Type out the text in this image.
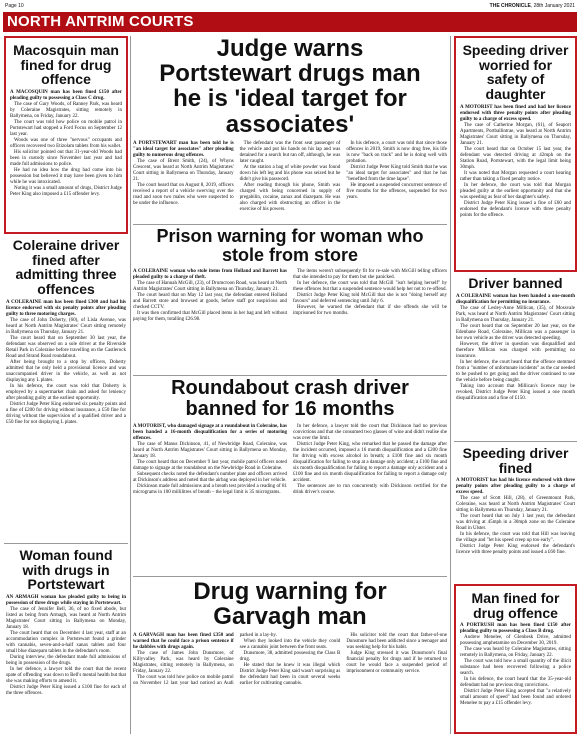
Page 10	THE CHRONICLE, 28th January 2021
NORTH ANTRIM COURTS
Macosquin man fined for drug offence
A MACOSQUIN man has been fined £150 after pleading guilty to possessing a Class C drug.

The case of Gary Woods, of Ranney Park, was heard by Coleraine Magistrates, sitting remotely in Ballymena, on Friday, January 22.

The court was told how police on mobile patrol in Portstewart had stopped a Ford Focus on September 12 last year.

Woods was one of three "nervous" occupants and officers recovered two Etizolam tablets from his wallet.

His solicitor pointed out that 31-year-old Woods had been in custody since November last year and had made full admissions to police.

He had no idea how the drug had come into his possession but believed it may have been given to him while he was intoxicated.

Noting it was a small amount of drugs, District Judge Peter King also imposed a £15 offender levy.

Coleraine driver fined after admitting three offences
A COLERAINE man has been fined £300 and had his licence endorsed with six penalty points after pleading guilty to three motoring charges.

The case of John Doherty, (60), of Lisla Avenue, was heard at North Antrim Magistrates' Court sitting remotely in Ballymena on Thursday, January 21.

The court heard that on September 30 last year, the defendant was observed on a sole driver at the Riverside Retail Park in Coleraine before travelling on the Castlerock Road and Strand Road roundabout.

After being brought to a stop by officers, Doherty admitted that he only held a provisional licence and was unaccompanied driver in the vehicle, as well as not displaying any L plates.

In his defence, the court was told that Doherty is employed by a supermarket chain and asked for leniency after pleading guilty at the earliest opportunity.

District Judge Peter King endorsed six penalty points and a fine of £200 for driving without insurance, a £50 fine for driving without the supervision of a qualified driver and a £50 fine for not displaying L plates.

Woman found with drugs in Portstewart
AN ARMAGH woman has pleaded guilty to being in possession of three drugs while staying in Portstewart.

The case of Jennifer Bell, 36, of no fixed abode, but listed as being from Armagh, was heard at North Antrim Magistrates' Court sitting in Ballymena on Monday, January 18.

The court heard that on December 4 last year, staff at an accommodation complex in Portstewart found a grinder with cannabis, seven-and-a-half xanax tablets and four small blue diazepam tablets in the defendant's room.

During interview, the defendant made full admissions of being in possession of the drugs.

In her defence, a lawyer told the court that the recent spate of offending was down to Bell's mental health but that she was making efforts to amend it.

District Judge Peter King issued a £100 fine for each of the three offences.

Judge warns Portstewart drugs man he is 'ideal target for associates'
A PORTSTEWART man has been told he is "an ideal target for associates" after pleading guilty to numerous drug offences.

The case of Brent Smith, (24), of Whyns Crescent, was heard at North Antrim Magistrates' Court sitting in Ballymena on Thursday, January 21.

The court heard that on August 8, 2019, officers received a report of a vehicle swerving over the road and soon two males who were suspected to be under the influence.

The defendant was the front seat passenger of the vehicle and put his hands on his lap and was detained for a search but ran off, although, he was later caught.

At the station a bag of white powder was found down his left leg and his phone was seized but he didn't give his password.

After reading through his phone, Smith was charged with being concerned in supply of pregabilin, cocaine, zanax and diazepam. He was also charged with obstructing an officer in the exercise of his powers.

In his defence, a court was told that since those offences in 2019, Smith is now drug free, his life is now "back on track" and he is doing well with probation.

District Judge Peter King told Smith that he was "an ideal target for associates" and that he has "benefited from the time lapse".

He imposed a suspended concurrent sentence of five months for the offences, suspended for two years.

Prison warning for woman who stole from store
A COLERAINE woman who stole items from Holland and Barrett has pleaded guilty to a charge of theft.

The case of Hannah McGill, (23), of Drumcroon Road, was heard at North Antrim Magistrates' Court sitting in Ballymena on Thursday, January 21.

The court heard that on May 12 last year, the defendant entered Holland and Barrett store and browsed at goods, before staff got suspicious and checked CCTV.

It was then confirmed that McGill placed items in her bag and left without paying for them, totalling £26.98.

The items weren't subsequently fit for re-sale with McGill telling officers that she intended to pay for them but she panicked.

In her defence, the court was told that McGill "isn't helping herself" by these offences but that a suspended sentence would help her not to re-offend.

District Judge Peter King told McGill that she is not "doing herself any favours" and deferred sentencing until July 6.

However, he warned the defendant that if she offends she will be imprisoned for two months.

Roundabout crash driver banned for 16 months
A MOTORIST, who damaged signage at a roundabout in Coleraine, has been handed a 16-month disqualification for a series of motoring offences.

The case of Manus Dickinson, 41, of Newbridge Road, Coleraine, was heard at North Antrim Magistrates' Court sitting in Ballymena on Monday, January 18.

The court heard that on December 9 last year, mobile patrol officers noted damage to signage at the roundabout on the Newbridge Road in Coleraine.

Subsequent checks noted the defendant's number plate and officers arrived at Dickinson's address and noted that the airbag was deployed in her vehicle.

Dickinson made full admissions and a breath test provided a reading of 81 micrograms in 100 millilitres of breath – the legal limit is 35 micrograms.

In her defence, a lawyer told the court that Dickinson had no previous convictions and that she consumed two glasses of wine and didn't realise she was over the limit.

District Judge Peter King, who remarked that he passed the damage after the incident occurred, imposed a 16 month disqualification and a £200 fine for driving with excess alcohol in breath; a £100 fine and six month disqualification for failing to stop at a damage only accident; a £100 fine and six month disqualification for failing to report a damage only accident and a £100 fine and six month disqualification for failing to report a damage only accident.

The sentences are to run concurrently with Dickinson certified for the drink driver's course.

Drug warning for Garvagh man
A GARVAGH man has been fined £350 and warned that he could face a prison sentence if he dabbles with drugs again.

The case of James John Dunsmore, of Killyvalley Park, was heard by Coleraine Magistrates, sitting remotely in Ballymena, on Friday, January 22.

The court was told how police on mobile patrol on November 12 last year had noticed an Audi parked in a lay-by.

When they looked into the vehicle they could see a cannabis joint between the front seats.

Dunsmore, 38, admitted possessing the Class B drug.

He stated that he knew it was illegal which District Judge Peter King said wasn't surprising as the defendant had been in court several weeks earlier for cultivating cannabis.

His solicitor told the court that father-of-one Dunsmore had been addicted since a teenager and was seeking help for his habit.

Judge King stressed it was Dunsmore's final financial penalty for drugs and if he returned to court he would face a suspended period of imprisonment or community service.

Speeding driver worried for safety of daughter
A MOTORIST has been fined and had her licence endorsed with three penalty points after pleading guilty to a charge of excess speed.

The case of Catherine Morgan, (61), of Seaport Apartments, Portballintrae, was heard at North Antrim Magistrates' Court sitting in Ballymena on Thursday, January 21.

The court heard that on October 15 last year, the defendant was detected driving at 42mph on the Station Road, Portstewart, with the legal limit being 30mph.

It was noted that Morgan requested a court hearing rather than taking a fixed penalty notice.

In her defence, the court was told that Morgan pleaded guilty at the earliest opportunity and that she was speeding as fear of her daughter's safety.

District Judge Peter King issued a fine of £60 and endorsed the defendant's licence with three penalty points for the offence.

Driver banned
A COLERAINE woman has been handed a one-month disqualification for permitting no insurance.

The case of Lesley-Anne Millican, (35), of Mossvale Park, was heard at North Antrim Magistrates' Court sitting in Ballymena on Thursday, January 21.

The court heard that on September 20 last year, on the Edenbane Road, Coleraine, Millican was a passenger in her own vehicle as the driver was detected speeding.

However, the driver in question was disqualified and therefore Millican was charged with permitting no insurance.

In her defence, the court heard that the offence stemmed from a "number of unfortunate incidents" as the car needed to be pushed to get going and the driver continued to use the vehicle before being caught.

Taking into account that Millican's licence may be revoked, District Judge Peter King issued a one month disqualification and a fine of £150.

Speeding driver fined
A MOTORIST has had his licence endorsed with three penalty points after pleading guilty to a charge of excess speed.

The case of Scott Hill, (28), of Greenmount Park, Coleraine, was heard at North Antrim Magistrates' Court sitting in Ballymena on Thursday, January 21.

The court heard that on July 1 last year, the defendant was driving at 45mph in a 30mph zone on the Coleraine Road in Ulster.

In his defence, the court was told that Hill was leaving the village and "let his speed creep up too early".

District Judge Peter King endorsed the defendant's licence with three penalty points and issued a £60 fine.

Man fined for drug offence
A PORTRUSH man has been fined £150 after pleading guilty to possessing a Class B drug.

Andrew Menelee, of Glenhesk Drive, admitted possessing amphetamine on December 30, 2019.

The case was heard by Coleraine Magistrates, sitting remotely in Ballymena, on Friday, January 22.

The court was told how a small quantity of the illicit substance had been recovered following a police search.

In his defence, the court heard that the 35-year-old defendant had no previous drug convictions.

District Judge Peter King accepted that "a relatively small amount of speed" had been found and ordered Menelee to pay a £15 offender levy.
